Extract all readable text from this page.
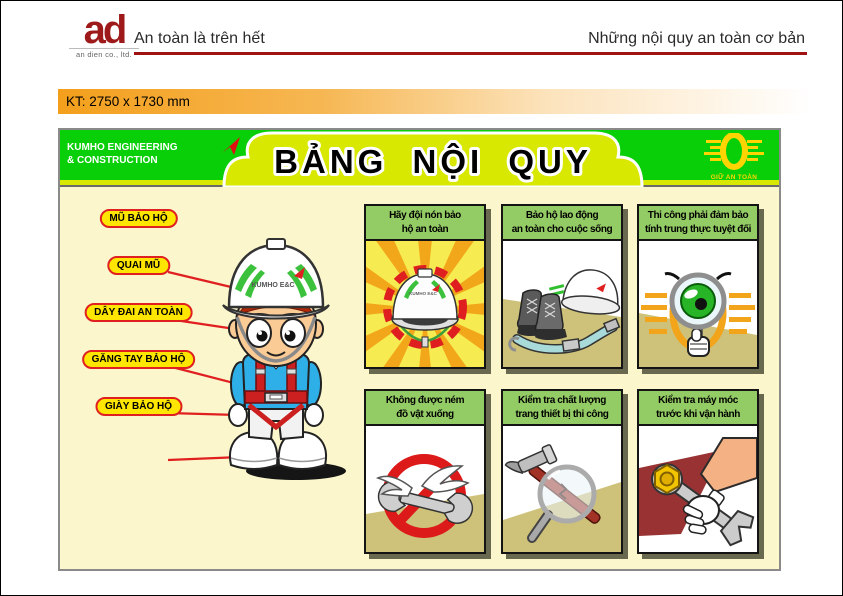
ad
an dien co., ltd.
An toàn là trên hết	Những nội quy an toàn cơ bản
KT: 2750 x 1730 mm
KUMHO ENGINEERING
& CONSTRUCTION	BẢNG NỘI QUY	GIỮ AN TOÀN
MŨ BẢO HỘ
QUAI MŨ
DÂY ĐAI AN TOÀN
GĂNG TAY BẢO HỘ
GIÀY BẢO HỘ
KUMHO E&C
Hãy đội nón bảo
hộ an toàn
KUMHO E&C
Bảo hộ lao động
an toàn cho cuộc sống
Thi công phải đảm bảo
tính trung thực tuyệt đối
Không được ném
đồ vật xuống
Kiểm tra chất lượng
trang thiết bị thi công
Kiểm tra máy móc
trước khi vận hành
